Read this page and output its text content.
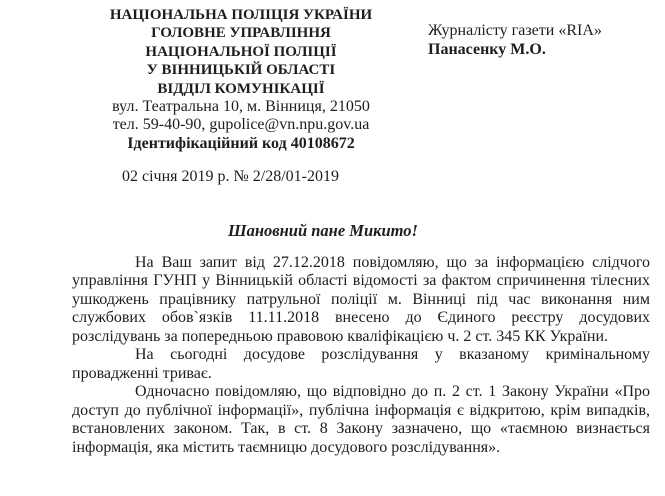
НАЦІОНАЛЬНА ПОЛІЦІЯ УКРАЇНИ
ГОЛОВНЕ УПРАВЛІННЯ
НАЦІОНАЛЬНОЇ ПОЛІЦІЇ
У ВІННИЦЬКІЙ ОБЛАСТІ
ВІДДІЛ КОМУНІКАЦІЇ
вул. Театральна 10, м. Вінниця, 21050
тел. 59-40-90, gupolice@vn.npu.gov.ua
Ідентифікаційний код 40108672
Журналісту газети «RIA»
Панасенку М.О.
02 січня 2019 р. № 2/28/01-2019
Шановний пане Микито!

На Ваш запит від 27.12.2018 повідомляю, що за інформацією слідчого управління ГУНП у Вінницькій області відомості за фактом спричинення тілесних ушкоджень працівнику патрульної поліції м. Вінниці під час виконання ним службових обов`язків 11.11.2018 внесено до Єдиного реєстру досудових розслідувань за попередньою правовою кваліфікацією ч. 2 ст. 345 КК України.

На сьогодні досудове розслідування у вказаному кримінальному провадженні триває.

Одночасно повідомляю, що відповідно до п. 2 ст. 1 Закону України «Про доступ до публічної інформації», публічна інформація є відкритою, крім випадків, встановлених законом. Так, в ст. 8 Закону зазначено, що «таємною визнається інформація, яка містить таємницю досудового розслідування».
